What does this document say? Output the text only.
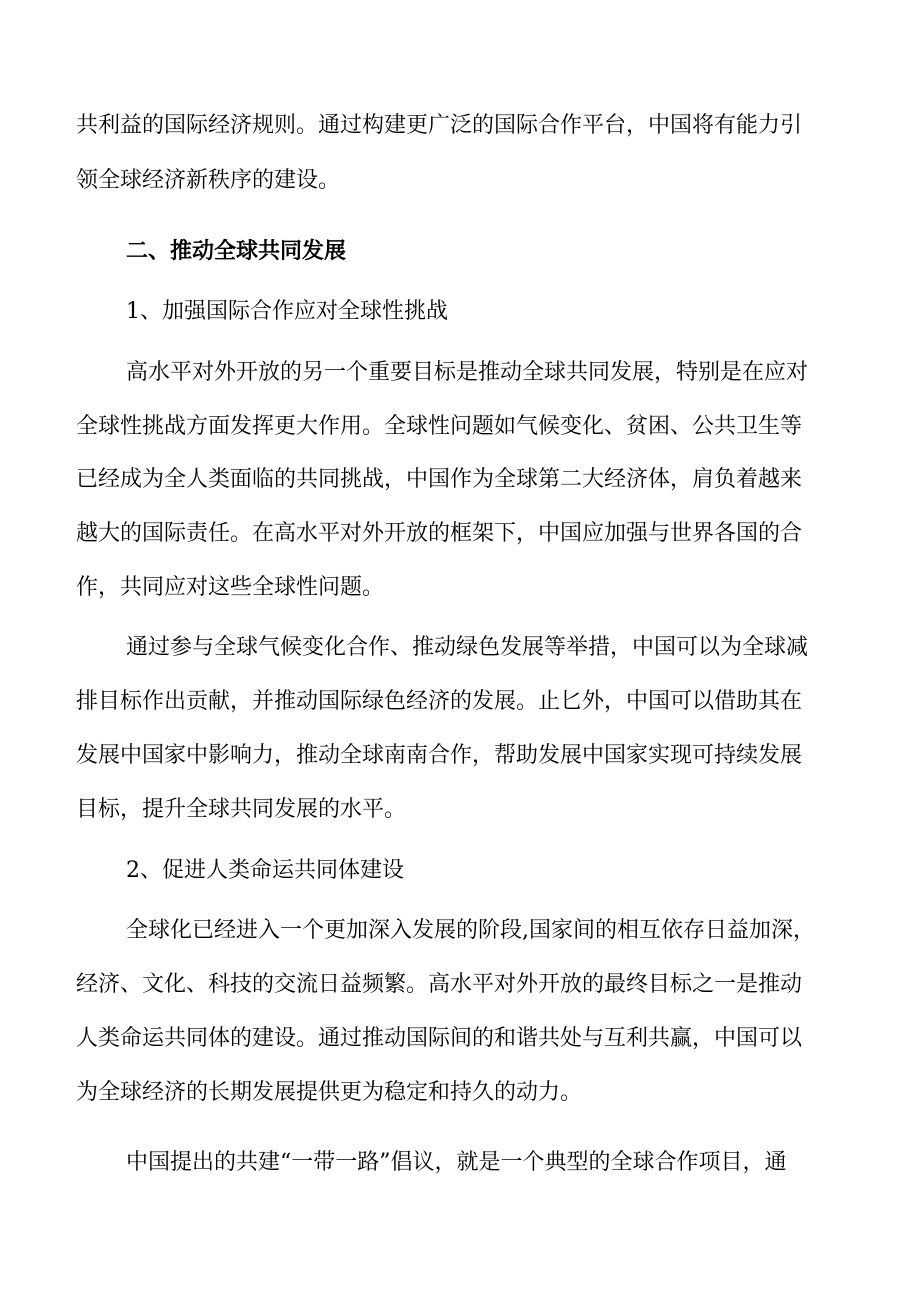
共利益的国际经济规则。通过构建更广泛的国际合作平台，中国将有能力引
领全球经济新秩序的建设。
二、推动全球共同发展
1、加强国际合作应对全球性挑战
高水平对外开放的另一个重要目标是推动全球共同发展，特别是在应对
全球性挑战方面发挥更大作用。全球性问题如气候变化、贫困、公共卫生等
已经成为全人类面临的共同挑战，中国作为全球第二大经济体，肩负着越来
越大的国际责任。在高水平对外开放的框架下，中国应加强与世界各国的合
作，共同应对这些全球性问题。
通过参与全球气候变化合作、推动绿色发展等举措，中国可以为全球减
排目标作出贡献，并推动国际绿色经济的发展。止匕外，中国可以借助其在
发展中国家中影响力，推动全球南南合作，帮助发展中国家实现可持续发展
目标，提升全球共同发展的水平。
2、促进人类命运共同体建设
全球化已经进入一个更加深入发展的阶段,国家间的相互依存日益加深，
经济、文化、科技的交流日益频繁。高水平对外开放的最终目标之一是推动
人类命运共同体的建设。通过推动国际间的和谐共处与互利共赢，中国可以
为全球经济的长期发展提供更为稳定和持久的动力。
中国提出的共建“一带一路”倡议，就是一个典型的全球合作项目，通
